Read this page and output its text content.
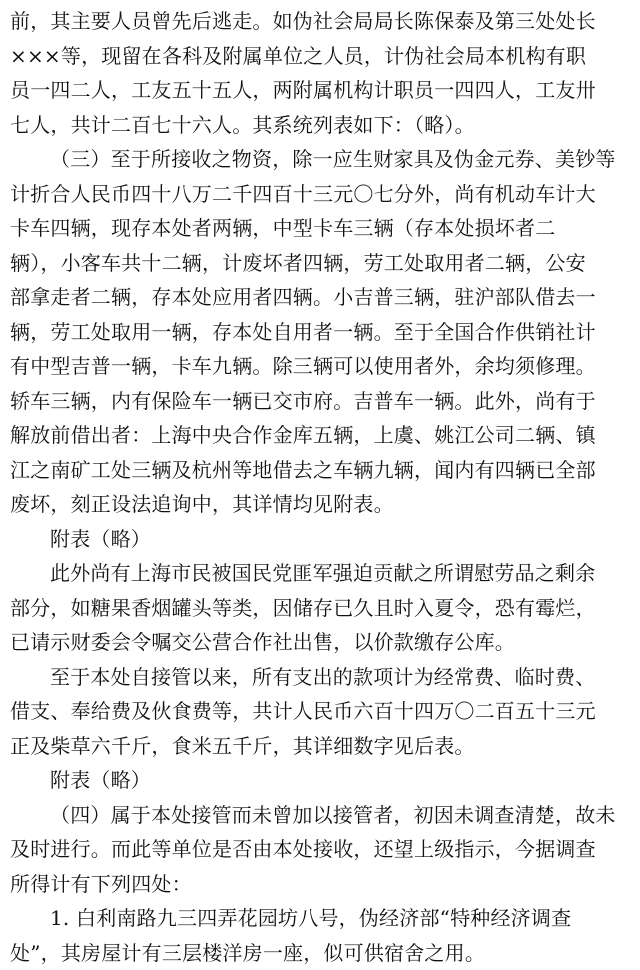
前，其主要人员曾先后逃走。如伪社会局局长陈保泰及第三处处长
×××等，现留在各科及附属单位之人员，计伪社会局本机构有职
员一四二人，工友五十五人，两附属机构计职员一四四人，工友卅
七人，共计二百七十六人。其系统列表如下：（略）。
（三）至于所接收之物资，除一应生财家具及伪金元券、美钞等
计折合人民币四十八万二千四百十三元〇七分外，尚有机动车计大
卡车四辆，现存本处者两辆，中型卡车三辆（存本处损坏者二
辆），小客车共十二辆，计废坏者四辆，劳工处取用者二辆，公安
部拿走者二辆，存本处应用者四辆。小吉普三辆，驻沪部队借去一
辆，劳工处取用一辆，存本处自用者一辆。至于全国合作供销社计
有中型吉普一辆，卡车九辆。除三辆可以使用者外，余均须修理。
轿车三辆，内有保险车一辆已交市府。吉普车一辆。此外，尚有于
解放前借出者：上海中央合作金库五辆，上虞、姚江公司二辆、镇
江之南矿工处三辆及杭州等地借去之车辆九辆，闻内有四辆已全部
废坏，刻正设法追询中，其详情均见附表。
附表（略）
此外尚有上海市民被国民党匪军强迫贡献之所谓慰劳品之剩余
部分，如糖果香烟罐头等类，因储存已久且时入夏令，恐有霉烂，
已请示财委会令嘱交公营合作社出售，以价款缴存公库。
至于本处自接管以来，所有支出的款项计为经常费、临时费、
借支、奉给费及伙食费等，共计人民币六百十四万〇二百五十三元
正及柴草六千斤，食米五千斤，其详细数字见后表。
附表（略）
（四）属于本处接管而未曾加以接管者，初因未调查清楚，故未
及时进行。而此等单位是否由本处接收，还望上级指示，今据调查
所得计有下列四处：
1. 白利南路九三四弄花园坊八号，伪经济部“特种经济调查
处”，其房屋计有三层楼洋房一座，似可供宿舍之用。
